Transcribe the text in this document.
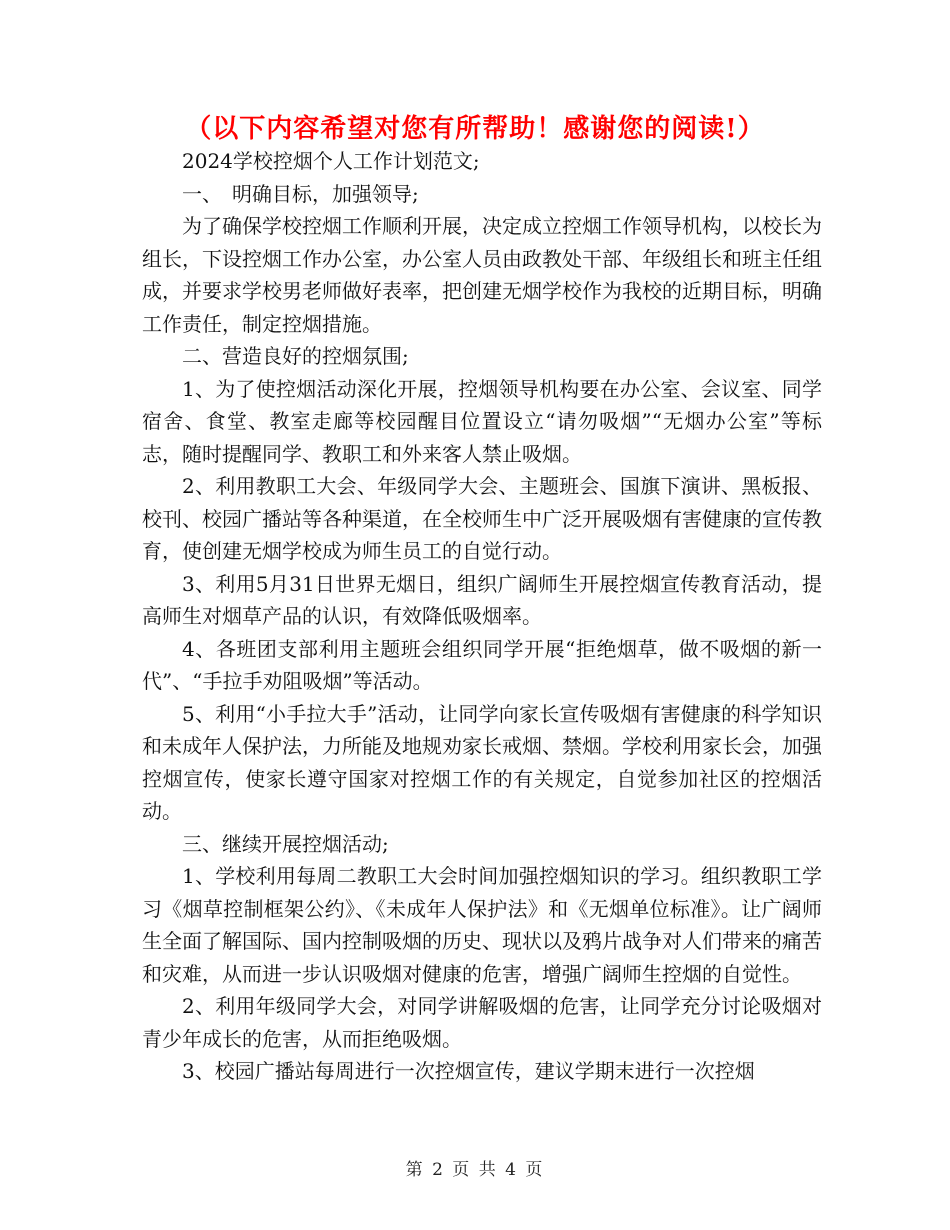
（以下内容希望对您有所帮助！感谢您的阅读!）

2024学校控烟个人工作计划范文;

一、　明确目标，加强领导;

为了确保学校控烟工作顺利开展，决定成立控烟工作领导机构，以校长为组长，下设控烟工作办公室，办公室人员由政教处干部、年级组长和班主任组成，并要求学校男老师做好表率，把创建无烟学校作为我校的近期目标，明确工作责任，制定控烟措施。

二、营造良好的控烟氛围;

1、为了使控烟活动深化开展，控烟领导机构要在办公室、会议室、同学宿舍、食堂、教室走廊等校园醒目位置设立“请勿吸烟”“无烟办公室”等标志，随时提醒同学、教职工和外来客人禁止吸烟。

2、利用教职工大会、年级同学大会、主题班会、国旗下演讲、黑板报、校刊、校园广播站等各种渠道，在全校师生中广泛开展吸烟有害健康的宣传教育，使创建无烟学校成为师生员工的自觉行动。

3、利用5月31日世界无烟日，组织广阔师生开展控烟宣传教育活动，提高师生对烟草产品的认识，有效降低吸烟率。

4、各班团支部利用主题班会组织同学开展“拒绝烟草，做不吸烟的新一代”、“手拉手劝阻吸烟”等活动。

5、利用“小手拉大手”活动，让同学向家长宣传吸烟有害健康的科学知识和未成年人保护法，力所能及地规劝家长戒烟、禁烟。学校利用家长会，加强控烟宣传，使家长遵守国家对控烟工作的有关规定，自觉参加社区的控烟活动。

三、继续开展控烟活动;

1、学校利用每周二教职工大会时间加强控烟知识的学习。组织教职工学习《烟草控制框架公约》、《未成年人保护法》和《无烟单位标准》。让广阔师生全面了解国际、国内控制吸烟的历史、现状以及鸦片战争对人们带来的痛苦和灾难，从而进一步认识吸烟对健康的危害，增强广阔师生控烟的自觉性。

2、利用年级同学大会，对同学讲解吸烟的危害，让同学充分讨论吸烟对青少年成长的危害，从而拒绝吸烟。

3、校园广播站每周进行一次控烟宣传，建议学期末进行一次控烟

第 2 页 共 4 页
